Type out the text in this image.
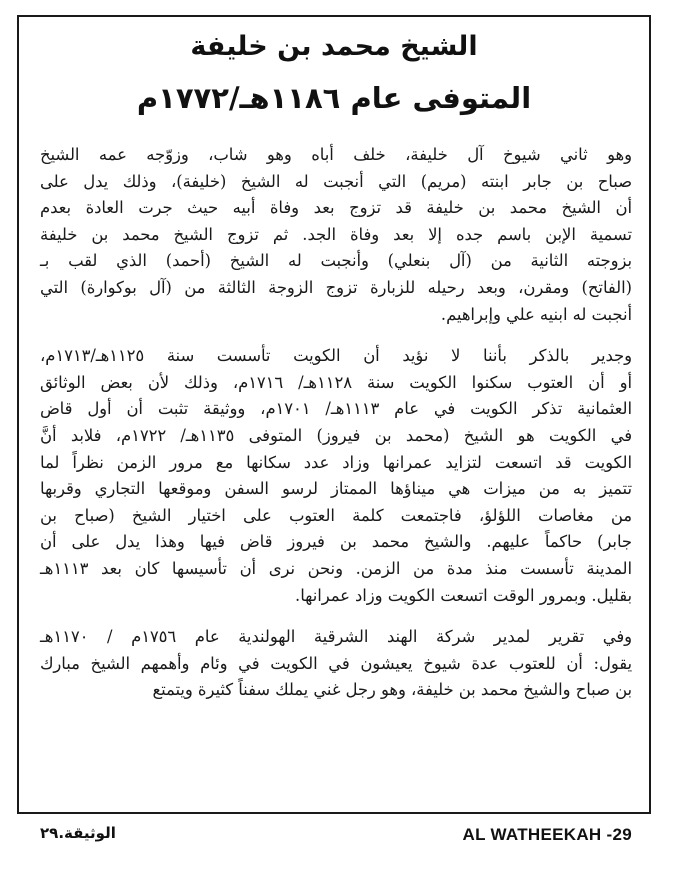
الشيخ محمد بن خليفة

المتوفى عام ١١٨٦هـ/١٧٧٢م

وهو ثاني شيوخ آل خليفة، خلف أباه وهو شاب، وزوّجه عمه الشيخ
صباح بن جابر ابنته (مريم) التي أنجبت له الشيخ (خليفة)، وذلك يدل على
أن الشيخ محمد بن خليفة قد تزوج بعد وفاة أبيه حيث جرت العادة بعدم
تسمية الإبن باسم جده إلا بعد وفاة الجد. ثم تزوج الشيخ محمد بن خليفة
بزوجته الثانية من (آل بنعلي) وأنجبت له الشيخ (أحمد) الذي لقب بـ
(الفاتح) ومقرن، وبعد رحيله للزبارة تزوج الزوجة الثالثة من (آل بوكوارة) التي
أنجبت له ابنيه علي وإبراهيم.

وجدير بالذكر بأننا لا نؤيد أن الكويت تأسست سنة ١١٢٥هـ/١٧١٣م،
أو أن العتوب سكنوا الكويت سنة ١١٢٨هـ/ ١٧١٦م، وذلك لأن بعض الوثائق
العثمانية تذكر الكويت في عام ١١١٣هـ/ ١٧٠١م، ووثيقة تثبت أن أول قاض
في الكويت هو الشيخ (محمد بن فيروز) المتوفى ١١٣٥هـ/ ١٧٢٢م، فلابد أنَّ
الكويت قد اتسعت لتزايد عمرانها وزاد عدد سكانها مع مرور الزمن نظراً لما
تتميز به من ميزات هي ميناؤها الممتاز لرسو السفن وموقعها التجاري وقربها
من مغاصات اللؤلؤ، فاجتمعت كلمة العتوب على اختيار الشيخ (صباح بن
جابر) حاكماً عليهم. والشيخ محمد بن فيروز قاض فيها وهذا يدل على أن
المدينة تأسست منذ مدة من الزمن. ونحن نرى أن تأسيسها كان بعد ١١١٣هـ
بقليل. وبمرور الوقت اتسعت الكويت وزاد عمرانها.

وفي تقرير لمدير شركة الهند الشرقية الهولندية عام ١٧٥٦م / ١١٧٠هـ
يقول: أن للعتوب عدة شيوخ يعيشون في الكويت في وئام وأهمهم الشيخ مبارك
بن صباح والشيخ محمد بن خليفة، وهو رجل غني يملك سفناً كثيرة ويتمتع

AL WATHEEKAH -29
الوثيقة.٢٩
